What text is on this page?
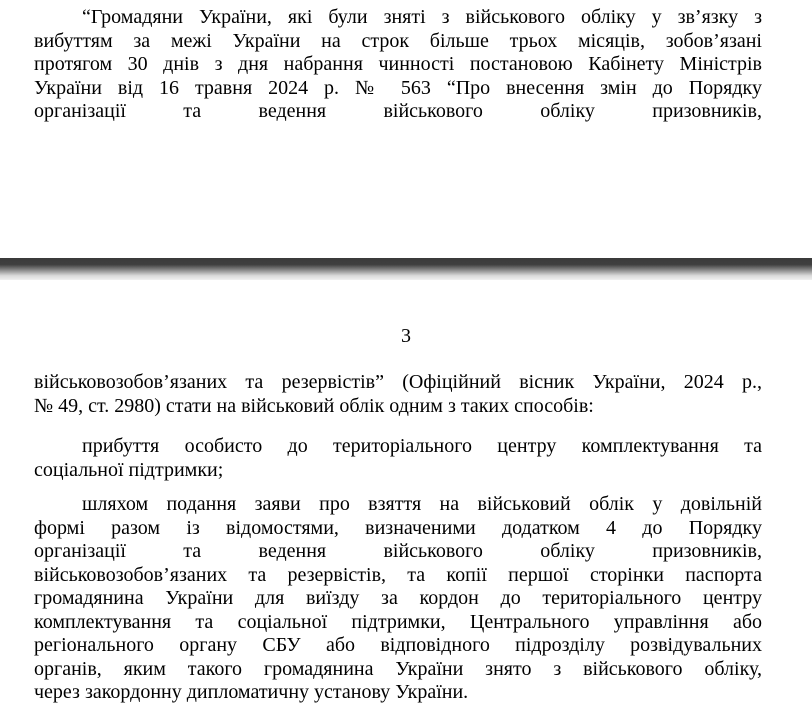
“Громадяни України, які були зняті з військового обліку у зв’язку з
вибуттям за межі України на строк більше трьох місяців, зобов’язані
протягом 30 днів з дня набрання чинності постановою Кабінету Міністрів
України від 16 травня 2024 р. № 563 “Про внесення змін до Порядку
організації та ведення військового обліку призовників,
3
військовозобов’язаних та резервістів” (Офіційний вісник України, 2024 р.,
№ 49, ст. 2980) стати на військовий облік одним з таких способів:
прибуття особисто до територіального центру комплектування та
соціальної підтримки;
шляхом подання заяви про взяття на військовий облік у довільній
формі разом із відомостями, визначеними додатком 4 до Порядку
організації та ведення військового обліку призовників,
військовозобов’язаних та резервістів, та копії першої сторінки паспорта
громадянина України для виїзду за кордон до територіального центру
комплектування та соціальної підтримки, Центрального управління або
регіонального органу СБУ або відповідного підрозділу розвідувальних
органів, яким такого громадянина України знято з військового обліку,
через закордонну дипломатичну установу України.
